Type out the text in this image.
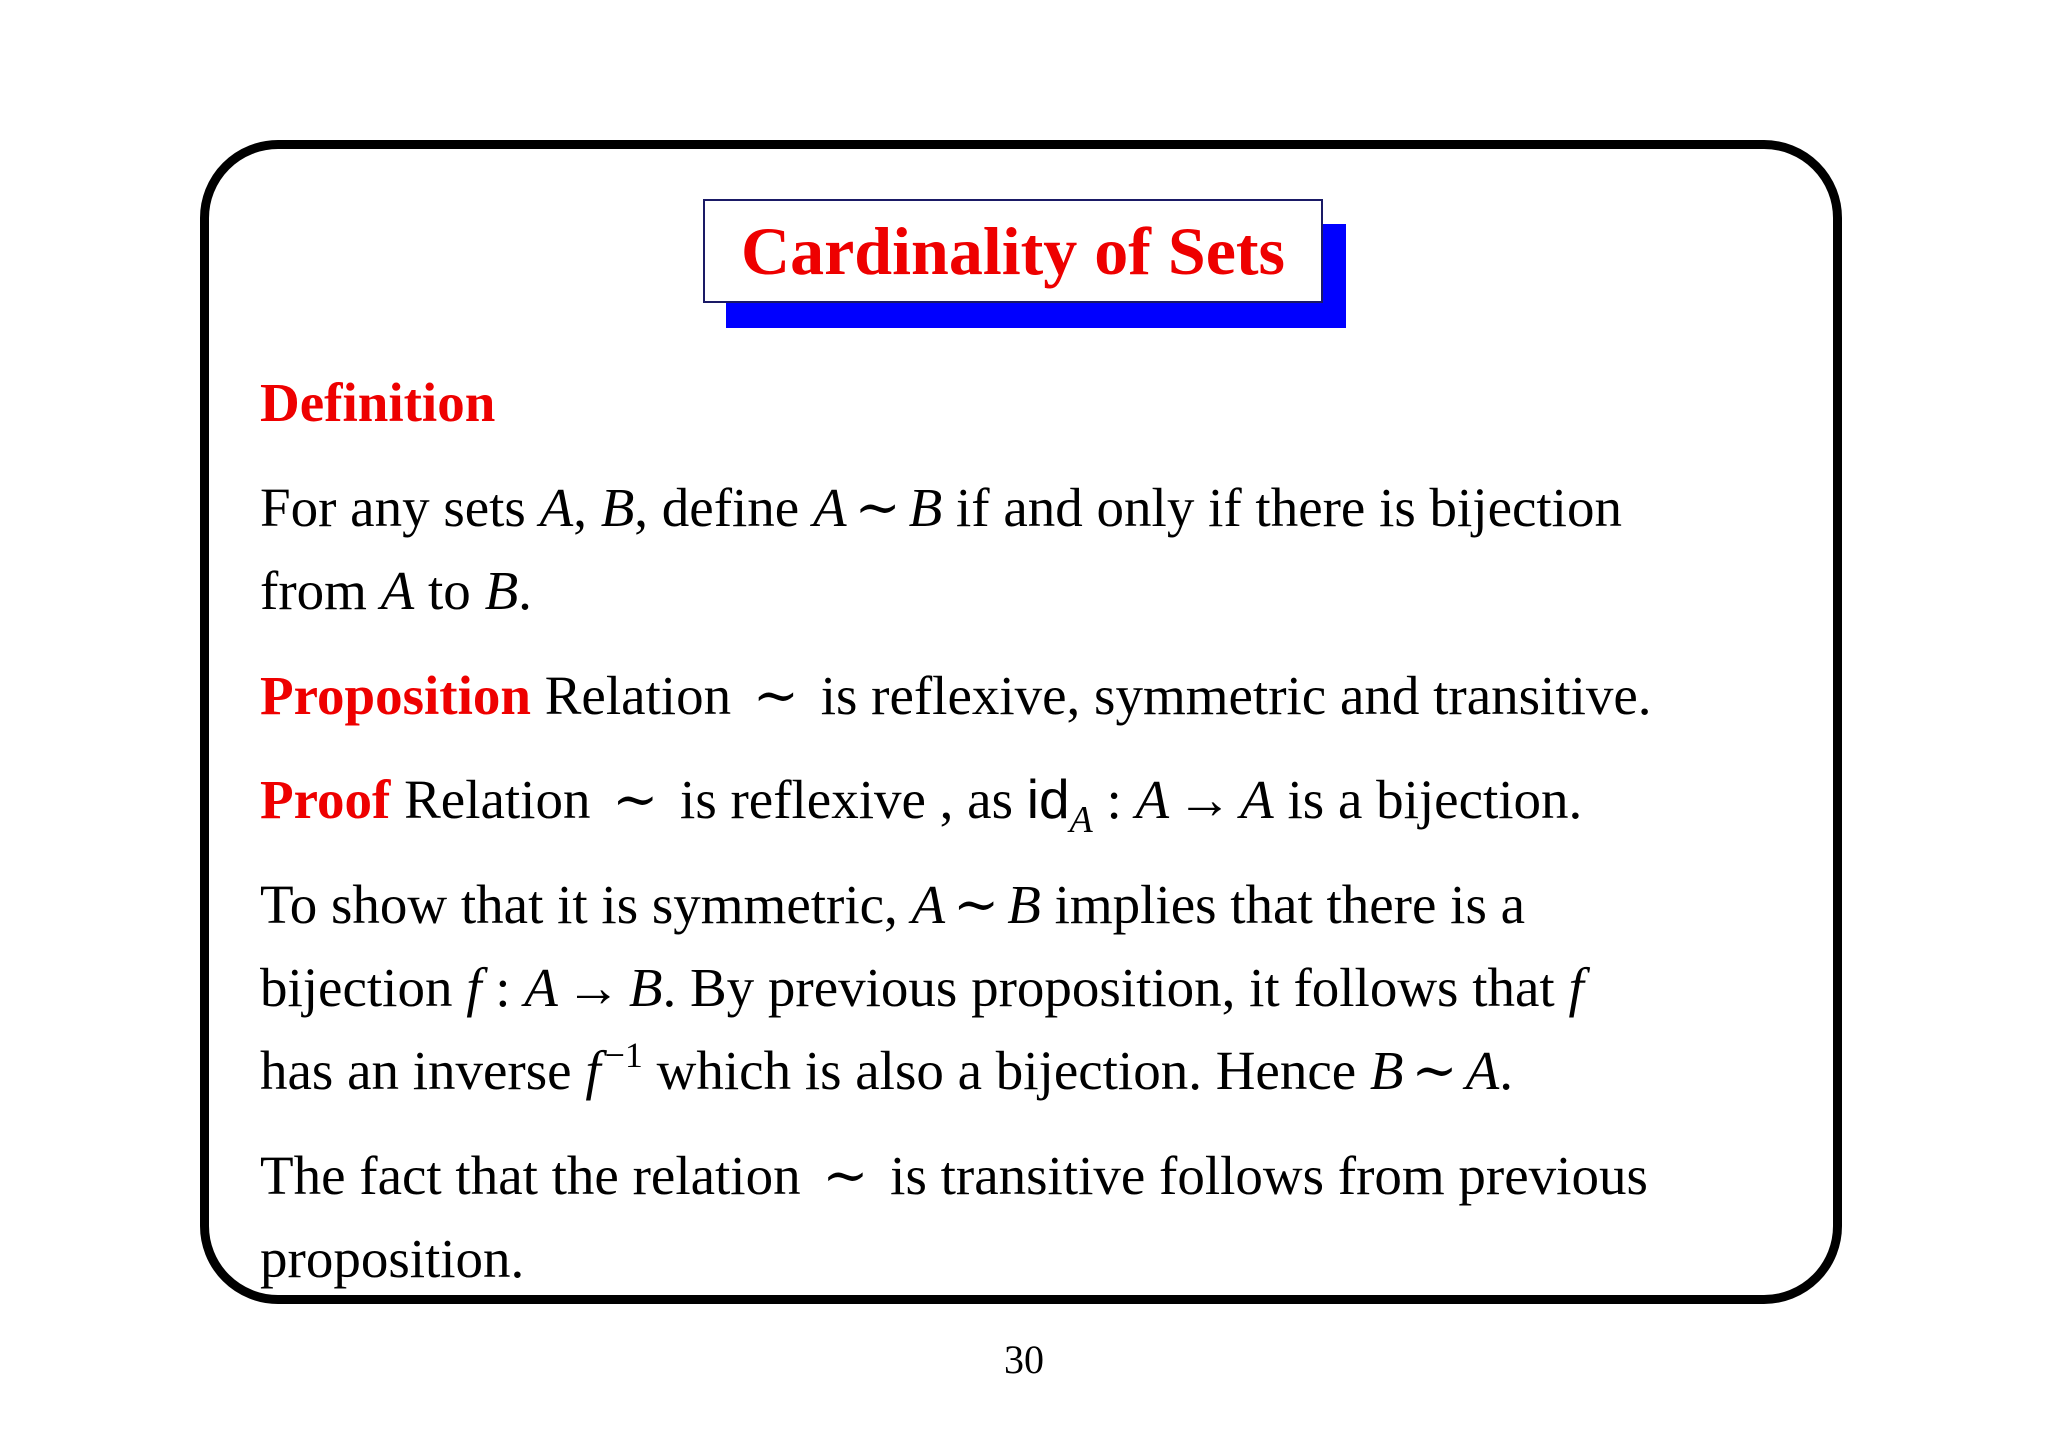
Cardinality of Sets
Definition
For any sets A, B, define A ∼ B if and only if there is bijection
from A to B.
Proposition Relation ∼ is reflexive, symmetric and transitive.
Proof Relation ∼ is reflexive , as $id_A$ : A → A is a bijection.
To show that it is symmetric, A ∼ B implies that there is a
bijection f : A → B. By previous proposition, it follows that f
has an inverse f $^{-1}$ which is also a bijection. Hence B ∼ A.
The fact that the relation ∼ is transitive follows from previous
proposition.
30
